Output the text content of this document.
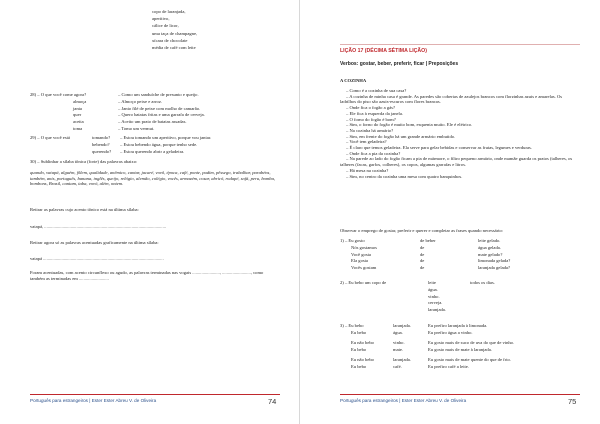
copo de laranjada,
aperitivo,
cálice de licor,
uma taça de champagne,
xícara de chocolate
média de café com leite
28) – O que você come agora?	– Como um sanduíche de presunto e queijo.
almoça	– Almoço peixe e arroz.
janta	– Janto filé de peixe com molho de camarão.
quer	– Quero batatas fritas e uma garrafa de cerveja.
aceita	– Aceito um prato de batatas assadas.
toma	– Tomo um vermut.
29) – O que você está	tomando? – Estou tomando um aperitivo, porque vou jantar.
bebendo? – Estou bebendo água, porque tenho sede.
querendo? – Estou querendo abrir a geladeira.
30) – Sublinhar a sílaba tônica (forte) das palavras abaixo:
quando, vatapá, alguém, fôlem, qualidade, anêmico, cantar, jacaré, vovô, época, café, ponte, pudim, pêssego, trabalhar, parabéns, também, anis, português, banana, inglês, queijo, relógio, alemão, colégio, vocês, armazém, cosar, abricó, rodapé, sofá, peru, bomba, bombons, Brasil, cantam, taba, vovó, além, ontem.
Retirar as palavras cujo acento tônico está na última sílaba:
vatapá, ..........................................................................................................
Retirar agora só as palavras acentuadas graficamente na última sílaba:
vatapá .........................................................................................................
Foram acentuadas, com acento circunflexo ou agudo, as palavras terminadas nas vogais ........................, ........................., como também as terminadas em ..........................
Português para estrangeiros | Ester Ester Abreu V. de Oliveira	74
LIÇÃO 17 (DÉCIMA SÉTIMA LIÇÃO)
Verbos: gostar, beber, preferir, ficar | Preposições
A COZINHA
– Como é a cozinha de sua casa?
– A cozinha de minha casa é grande. As paredes são cobertas de azulejos brancos com florzinhas azuis e amarelas. Os ladrilhos do piso são azuis-escuros com flores brancas.
– Onde fica o fogão a gás?
– Ele fica à esquerda da janela.
– O forno do fogão é bom?
– Sim, o forno do fogão é muito bom, esquenta muito. Ele é elétrico.
– Na cozinha há armário?
– Sim, em frente do fogão há um grande armário embutido.
– Você tem geladeira?
– É claro que temos geladeira. Ela serve para gelar bebidas e conservar as frutas, legumes e verduras.
– Onde fica a pia da cozinha?
– Na parede ao lado do fogão ficam a pia de mármore, o filtro pequeno armário, onde mamãe guarda os pratos (talheres, os talheres (facas, garfos, colheres), os copos, algumas garrafas e litros.
– Há mesa na cozinha?
– Sim, no centro da cozinha uma mesa com quatro banquinhos.
Observar o emprego de gostar, preferir e querer e completar as frases quando necessário:
1) – Eu gosto	de beber	leite gelado.
Nós gostamos	de	água gelada.
Você gosta	de	mate gelado?
Ela gosta	de	limonada gelada?
Vocês gostam	de	laranjada gelada?
2) – Eu bebo um copo de	leite
água.
vinho.
cerveja.
laranjada.
todos os dias.
3) – Eu bebo	laranjada.	Eu prefiro laranjada à limonada.
Eu bebo	água.	Eu prefiro água a vinho.
Eu não bebo	vinho.	Eu gosto mais de suco de uva do que de vinho.
Eu bebo	mate.	Eu gosto mais de mate à laranjada.
Eu não bebo	laranjada.	Eu gosto mais de mate quente do que de frio.
Eu bebo	café.	Eu prefiro café a leite.
Português para estrangeiros | Ester Ester Abreu V. de Oliveira	75
